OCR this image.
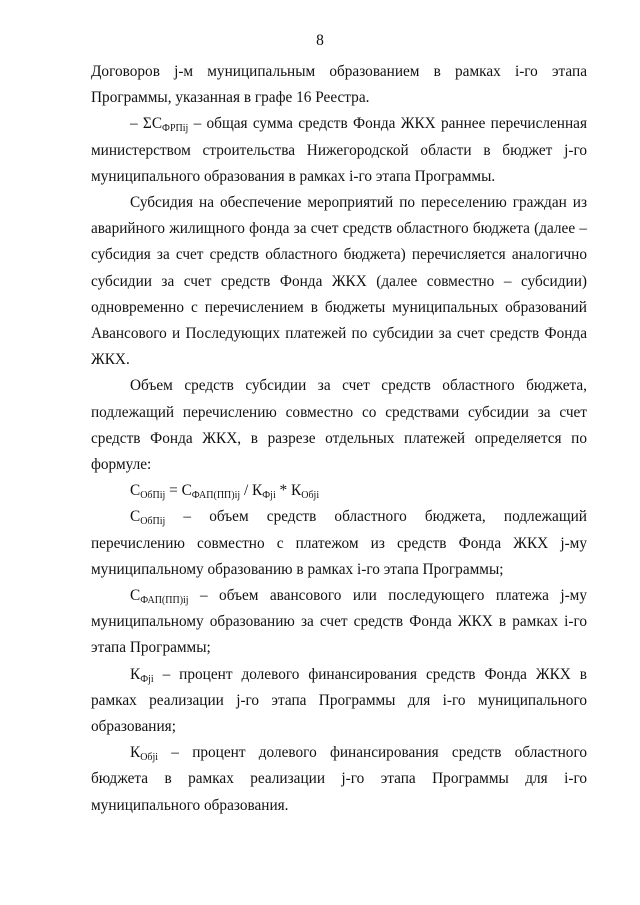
8

Договоров j-м муниципальным образованием в рамках i-го этапа Программы, указанная в графе 16 Реестра.

– $\Sigma С_{ФРПij}$ – общая сумма средств Фонда ЖКХ раннее перечисленная министерством строительства Нижегородской области в бюджет j-го муниципального образования в рамках i-го этапа Программы.

Субсидия на обеспечение мероприятий по переселению граждан из аварийного жилищного фонда за счет средств областного бюджета (далее – субсидия за счет средств областного бюджета) перечисляется аналогично субсидии за счет средств Фонда ЖКХ (далее совместно – субсидии) одновременно с перечислением в бюджеты муниципальных образований Авансового и Последующих платежей по субсидии за счет средств Фонда ЖКХ.

Объем средств субсидии за счет средств областного бюджета, подлежащий перечислению совместно со средствами субсидии за счет средств Фонда ЖКХ, в разрезе отдельных платежей определяется по формуле:

$С_{ОбПij} = С_{ФАП(ПП)ij} / К_{Фji} * К_{Обji}$

$С_{ОбПij}$ – объем средств областного бюджета, подлежащий перечислению совместно с платежом из средств Фонда ЖКХ j-му муниципальному образованию в рамках i-го этапа Программы;

$С_{ФАП(ПП)ij}$ – объем авансового или последующего платежа j-му муниципальному образованию за счет средств Фонда ЖКХ в рамках i-го этапа Программы;

$К_{Фji}$ – процент долевого финансирования средств Фонда ЖКХ в рамках реализации j-го этапа Программы для i-го муниципального образования;

$К_{Обji}$ – процент долевого финансирования средств областного бюджета в рамках реализации j-го этапа Программы для i-го муниципального образования.
